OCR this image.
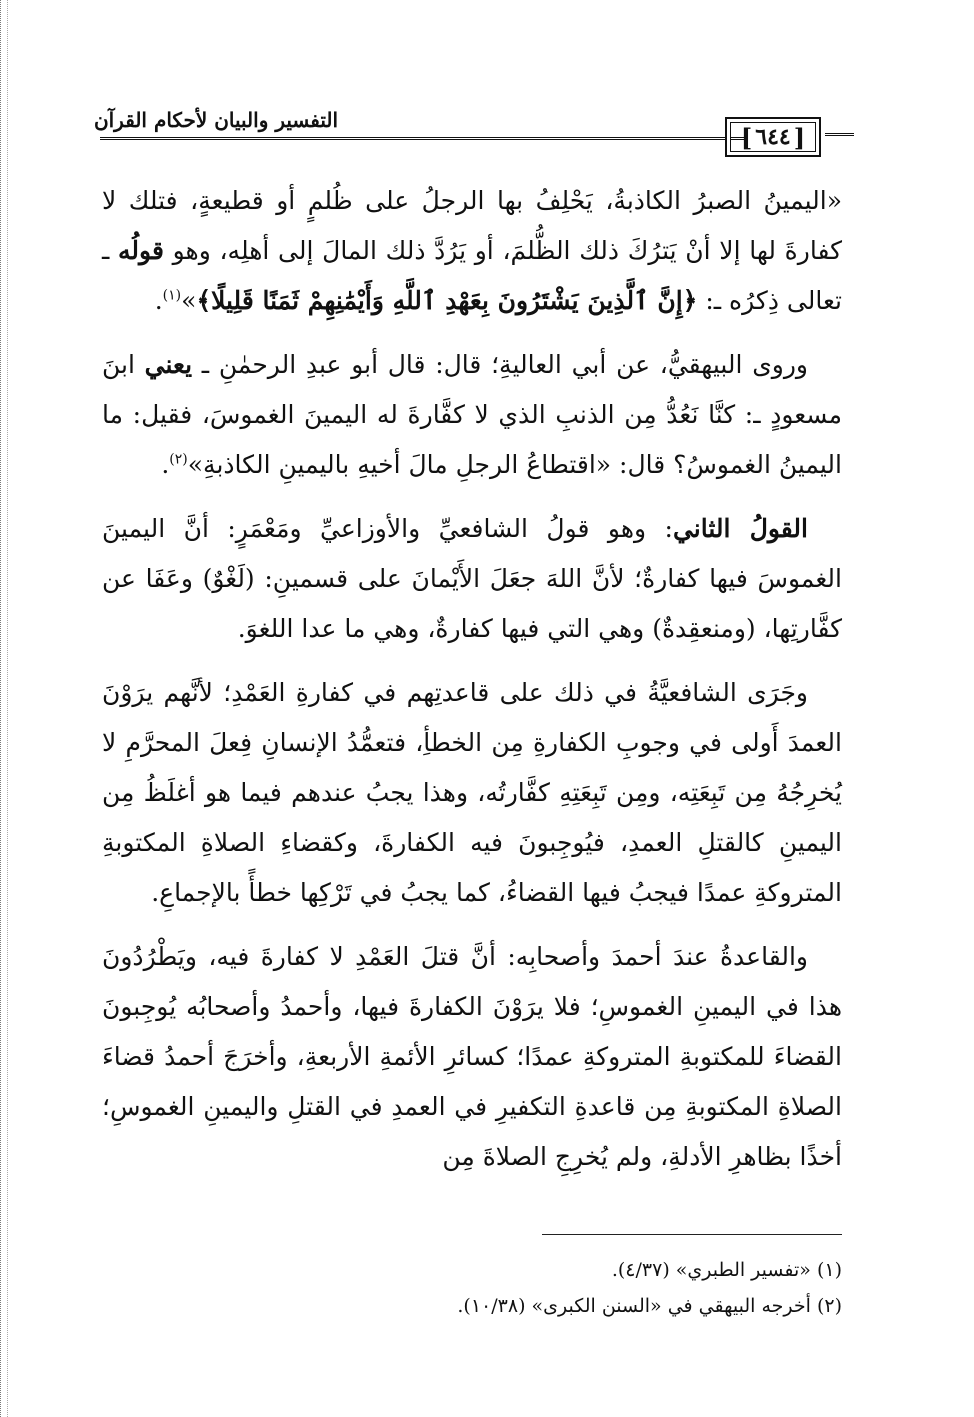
التفسير والبيان لأحكام القرآن
[ ٦٤٤ ]

«اليمينُ الصبرُ الكاذبةُ، يَحْلِفُ بها الرجلُ على ظُلمٍ أو قطيعةٍ، فتلك لا كفارةَ لها إلا أنْ يَترُكَ ذلك الظُّلمَ، أو يَرُدَّ ذلك المالَ إلى أهلِه، وهو قولُه ـ تعالى ذِكرُه ـ: ﴿إِنَّ ٱلَّذِينَ يَشْتَرُونَ بِعَهْدِ ٱللَّهِ وَأَيْمَٰنِهِمْ ثَمَنًا قَلِيلًا﴾»$^{(١)}$.

وروى البيهقيُّ، عن أبي العاليةِ؛ قال: قال أبو عبدِ الرحمٰنِ ـ يعني ابنَ مسعودٍ ـ: كنَّا نَعُدُّ مِن الذنبِ الذي لا كفَّارةَ له اليمينَ الغموسَ، فقيل: ما اليمينُ الغموسُ؟ قال: «اقتطاعُ الرجلِ مالَ أخيهِ باليمينِ الكاذبةِ»$^{(٢)}$.

القولُ الثاني: وهو قولُ الشافعيِّ والأوزاعيِّ ومَعْمَرٍ: أنَّ اليمينَ الغموسَ فيها كفارةٌ؛ لأنَّ اللهَ جعَلَ الأَيْمانَ على قسمينِ: (لَغْوٌ) وعَفَا عن كفَّارتِها، (ومنعقِدةٌ) وهي التي فيها كفارةٌ، وهي ما عدا اللغوَ.

وجَرَى الشافعيَّةُ في ذلك على قاعدتِهم في كفارةِ العَمْدِ؛ لأنَّهم يرَوْنَ العمدَ أَولى في وجوبِ الكفارةِ مِن الخطأِ، فتعمُّدُ الإنسانِ فِعلَ المحرَّمِ لا يُخرِجُهُ مِن تَبِعَتِه، ومِن تَبِعَتِهِ كفَّارتُه، وهذا يجبُ عندهم فيما هو أغلَظُ مِن اليمينِ كالقتلِ العمدِ، فيُوجِبونَ فيه الكفارةَ، وكقضاءِ الصلاةِ المكتوبةِ المتروكةِ عمدًا فيجبُ فيها القضاءُ، كما يجبُ في تَرْكِها خطأً بالإجماعِ.

والقاعدةُ عندَ أحمدَ وأصحابِه: أنَّ قتلَ العَمْدِ لا كفارةَ فيه، ويَطْرُدُونَ هذا في اليمينِ الغموسِ؛ فلا يرَوْنَ الكفارةَ فيها، وأحمدُ وأصحابُه يُوجِبونَ القضاءَ للمكتوبةِ المتروكةِ عمدًا؛ كسائرِ الأئمةِ الأربعةِ، وأخرَجَ أحمدُ قضاءَ الصلاةِ المكتوبةِ مِن قاعدةِ التكفيرِ في العمدِ في القتلِ واليمينِ الغموسِ؛ أخذًا بظاهرِ الأدلةِ، ولم يُخرِجِ الصلاةَ مِن

(١) «تفسير الطبري» (٤/٣٧).

(٢) أخرجه البيهقي في «السنن الكبرى» (١٠/٣٨).
